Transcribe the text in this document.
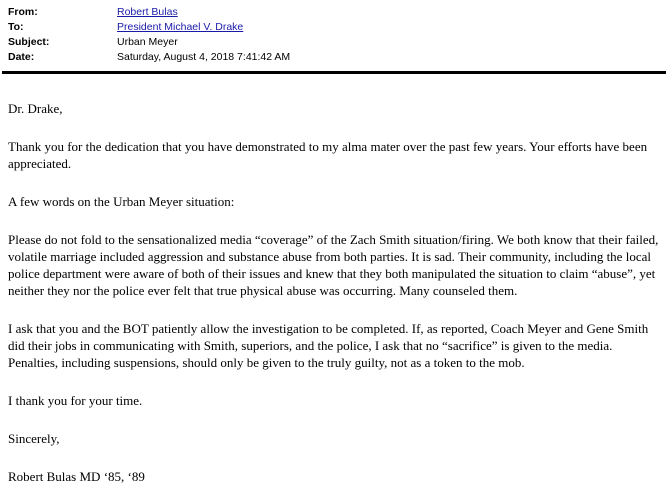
From:	Robert Bulas
To:	President Michael V. Drake
Subject:	Urban Meyer
Date:	Saturday, August 4, 2018 7:41:42 AM

Dr. Drake,

Thank you for the dedication that you have demonstrated to my alma mater over the past few years. Your efforts have been appreciated.

A few words on the Urban Meyer situation:

Please do not fold to the sensationalized media “coverage” of the Zach Smith situation/firing. We both know that their failed, volatile marriage included aggression and substance abuse from both parties. It is sad. Their community, including the local police department were aware of both of their issues and knew that they both manipulated the situation to claim “abuse”, yet neither they nor the police ever felt that true physical abuse was occurring. Many counseled them.

I ask that you and the BOT patiently allow the investigation to be completed. If, as reported, Coach Meyer and Gene Smith did their jobs in communicating with Smith, superiors, and the police, I ask that no “sacrifice” is given to the media. Penalties, including suspensions, should only be given to the truly guilty, not as a token to the mob.

I thank you for your time.

Sincerely,

Robert Bulas MD ‘85, ‘89
